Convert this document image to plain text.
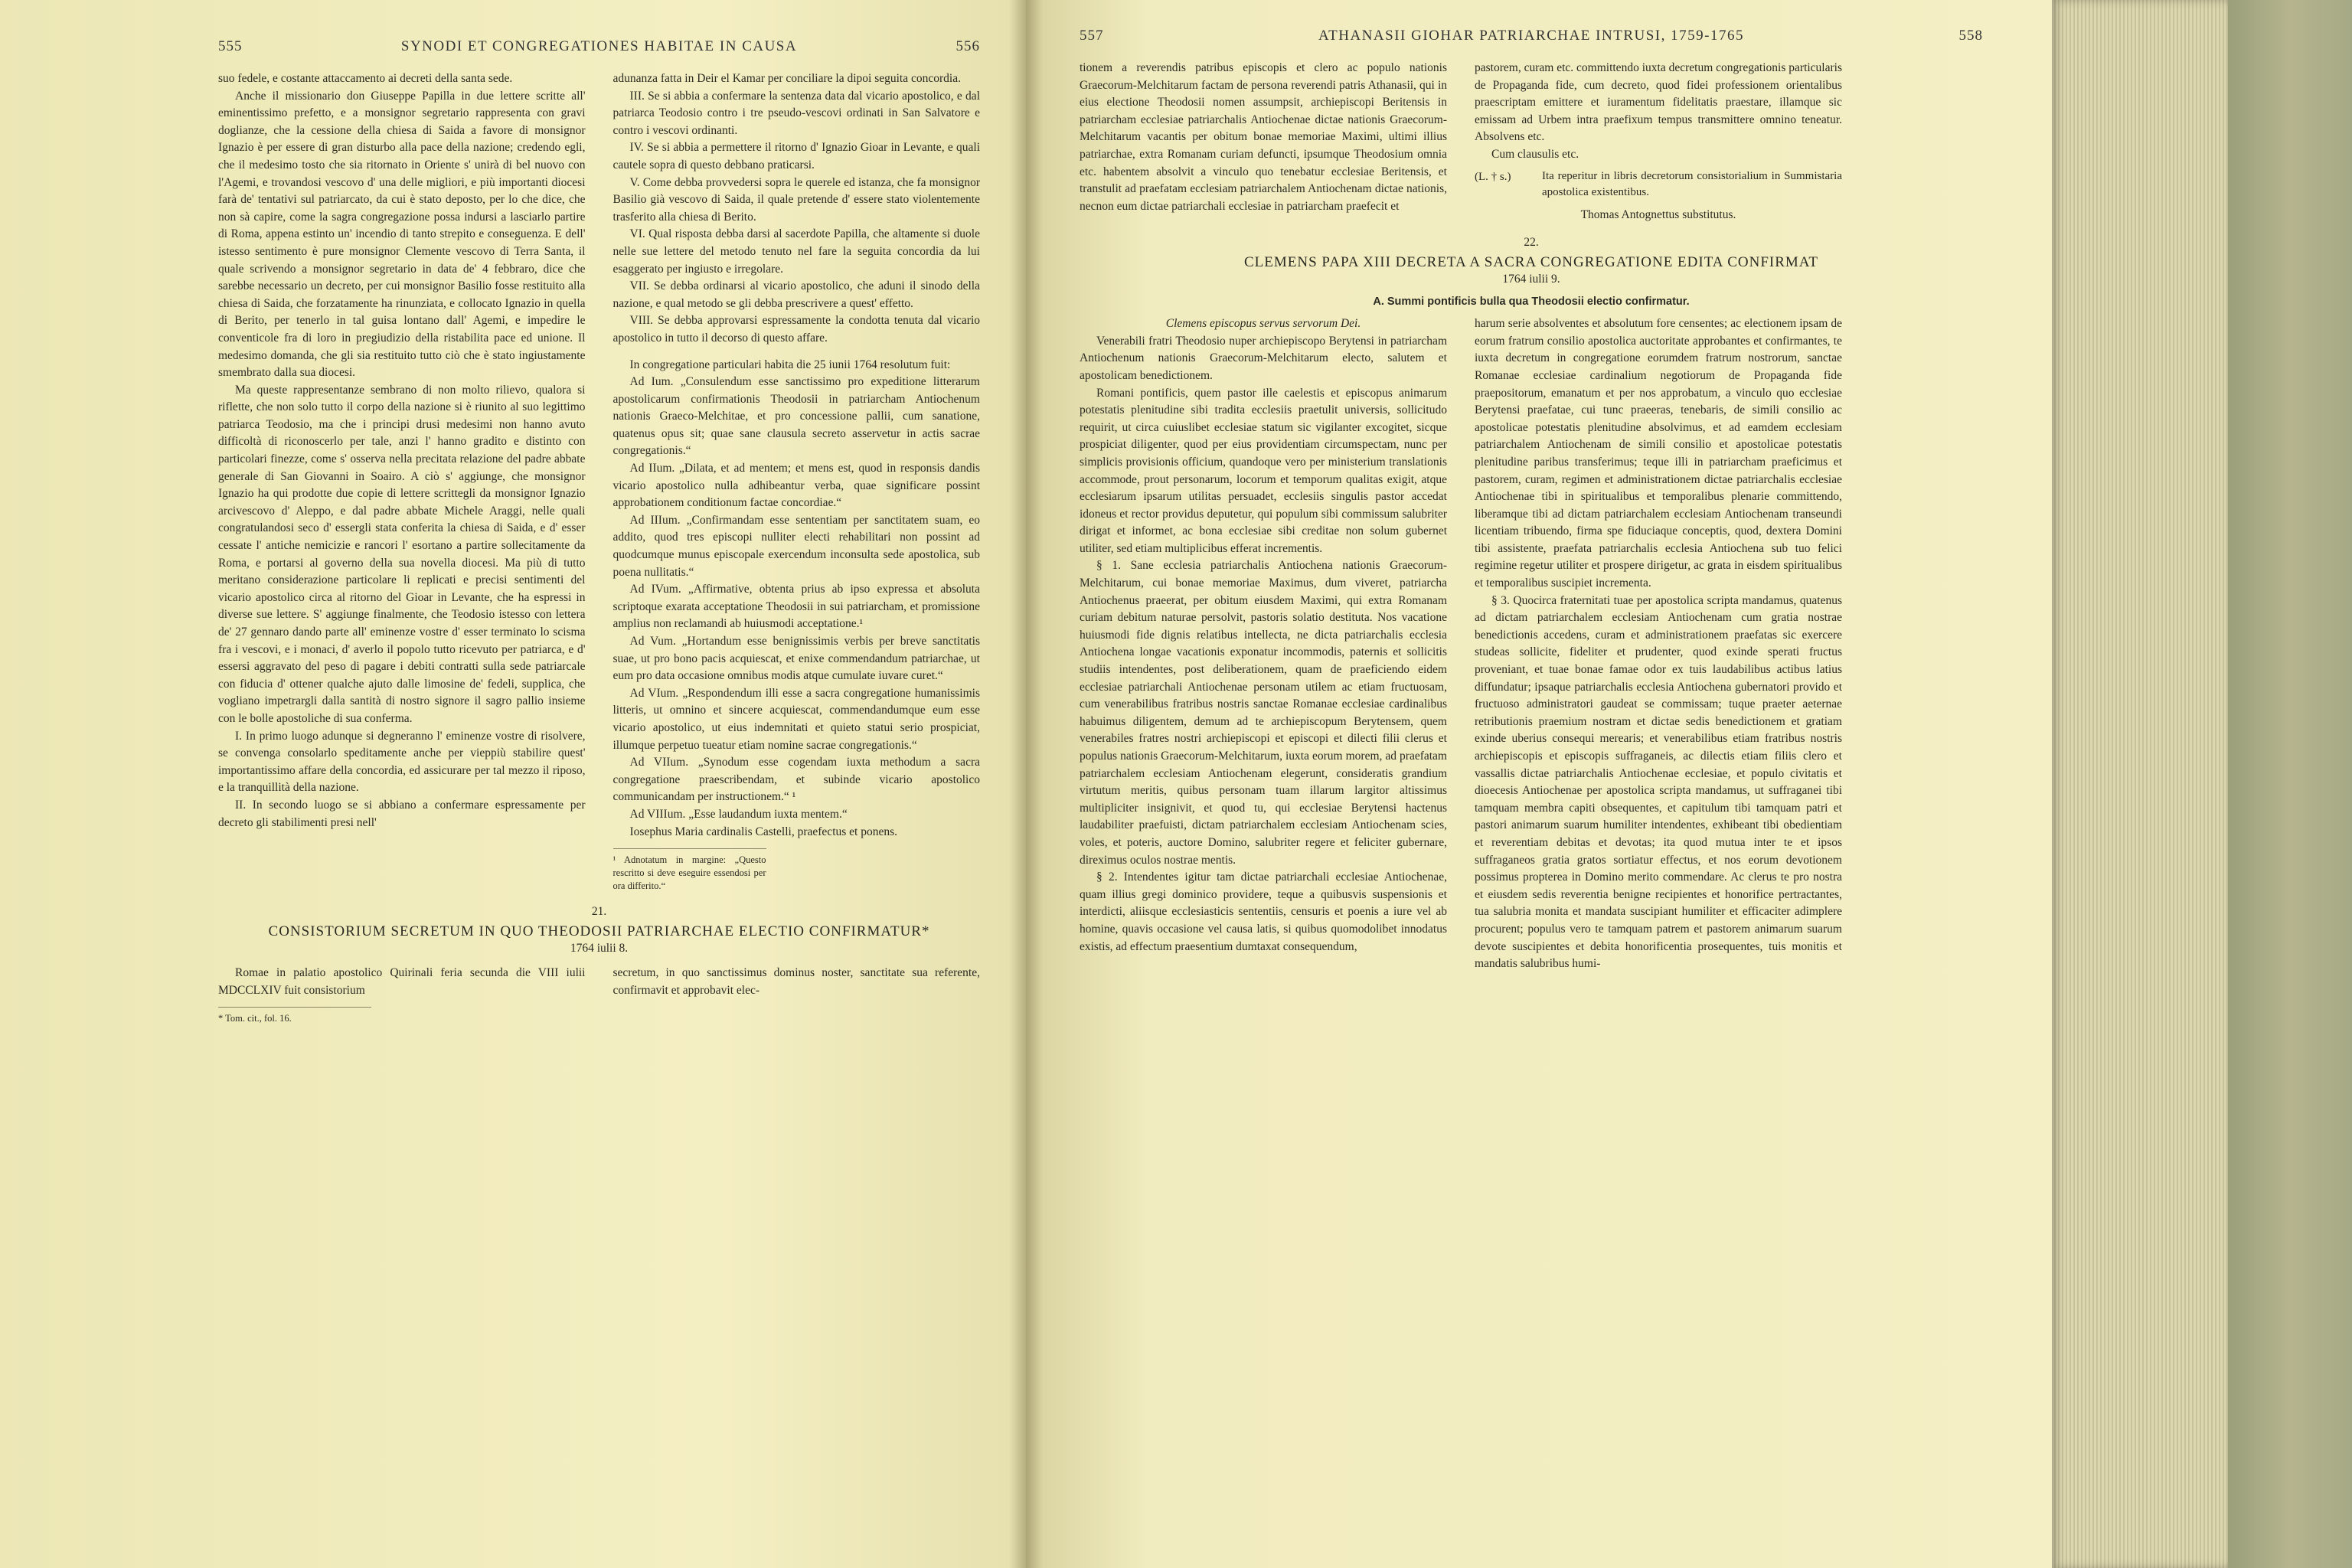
555	SYNODI ET CONGREGATIONES HABITAE IN CAUSA	556

suo fedele, e costante attaccamento ai decreti della santa sede.

Anche il missionario don Giuseppe Papilla in due lettere scritte all' eminentissimo prefetto, e a monsignor segretario rappresenta con gravi doglianze, che la cessione della chiesa di Saida a favore di monsignor Ignazio è per essere di gran disturbo alla pace della nazione; credendo egli, che il medesimo tosto che sia ritornato in Oriente s' unirà di bel nuovo con l'Agemi, e trovandosi vescovo d' una delle migliori, e più importanti diocesi farà de' tentativi sul patriarcato, da cui è stato deposto, per lo che dice, che non sà capire, come la sagra congregazione possa indursi a lasciarlo partire di Roma, appena estinto un' incendio di tanto strepito e conseguenza. E dell' istesso sentimento è pure monsignor Clemente vescovo di Terra Santa, il quale scrivendo a monsignor segretario in data de' 4 febbraro, dice che sarebbe necessario un decreto, per cui monsignor Basilio fosse restituito alla chiesa di Saida, che forzatamente ha rinunziata, e collocato Ignazio in quella di Berito, per tenerlo in tal guisa lontano dall' Agemi, e impedire le conventicole fra di loro in pregiudizio della ristabilita pace ed unione. Il medesimo domanda, che gli sia restituito tutto ciò che è stato ingiustamente smembrato dalla sua diocesi.

Ma queste rappresentanze sembrano di non molto rilievo, qualora si riflette, che non solo tutto il corpo della nazione si è riunito al suo legittimo patriarca Teodosio, ma che i principi drusi medesimi non hanno avuto difficoltà di riconoscerlo per tale, anzi l' hanno gradito e distinto con particolari finezze, come s' osserva nella precitata relazione del padre abbate generale di San Giovanni in Soairo. A ciò s' aggiunge, che monsignor Ignazio ha qui prodotte due copie di lettere scrittegli da monsignor Ignazio arcivescovo d' Aleppo, e dal padre abbate Michele Araggi, nelle quali congratulandosi seco d' essergli stata conferita la chiesa di Saida, e d' esser cessate l' antiche nemicizie e rancori l' esortano a partire sollecitamente da Roma, e portarsi al governo della sua novella diocesi. Ma più di tutto meritano considerazione particolare li replicati e precisi sentimenti del vicario apostolico circa al ritorno del Gioar in Levante, che ha espressi in diverse sue lettere. S' aggiunge finalmente, che Teodosio istesso con lettera de' 27 gennaro dando parte all' eminenze vostre d' esser terminato lo scisma fra i vescovi, e i monaci, d' averlo il popolo tutto ricevuto per patriarca, e d' essersi aggravato del peso di pagare i debiti contratti sulla sede patriarcale con fiducia d' ottener qualche ajuto dalle limosine de' fedeli, supplica, che vogliano impetrargli dalla santità di nostro signore il sagro pallio insieme con le bolle apostoliche di sua conferma.

I. In primo luogo adunque si degneranno l' eminenze vostre di risolvere, se convenga consolarlo speditamente anche per vieppiù stabilire quest' importantissimo affare della concordia, ed assicurare per tal mezzo il riposo, e la tranquillità della nazione.

II. In secondo luogo se si abbiano a confermare espressamente per decreto gli stabilimenti presi nell'

adunanza fatta in Deir el Kamar per conciliare la dipoi seguita concordia.

III. Se si abbia a confermare la sentenza data dal vicario apostolico, e dal patriarca Teodosio contro i tre pseudo-vescovi ordinati in San Salvatore e contro i vescovi ordinanti.

IV. Se si abbia a permettere il ritorno d' Ignazio Gioar in Levante, e quali cautele sopra di questo debbano praticarsi.

V. Come debba provvedersi sopra le querele ed istanza, che fa monsignor Basilio già vescovo di Saida, il quale pretende d' essere stato violentemente trasferito alla chiesa di Berito.

VI. Qual risposta debba darsi al sacerdote Papilla, che altamente si duole nelle sue lettere del metodo tenuto nel fare la seguita concordia da lui esaggerato per ingiusto e irregolare.

VII. Se debba ordinarsi al vicario apostolico, che aduni il sinodo della nazione, e qual metodo se gli debba prescrivere a quest' effetto.

VIII. Se debba approvarsi espressamente la condotta tenuta dal vicario apostolico in tutto il decorso di questo affare.

In congregatione particulari habita die 25 iunii 1764 resolutum fuit:

Ad Ium. „Consulendum esse sanctissimo pro expeditione litterarum apostolicarum confirmationis Theodosii in patriarcham Antiochenum nationis Graeco-Melchitae, et pro concessione pallii, cum sanatione, quatenus opus sit; quae sane clausula secreto asservetur in actis sacrae congregationis.“

Ad IIum. „Dilata, et ad mentem; et mens est, quod in responsis dandis vicario apostolico nulla adhibeantur verba, quae significare possint approbationem conditionum factae concordiae.“

Ad IIIum. „Confirmandam esse sententiam per sanctitatem suam, eo addito, quod tres episcopi nulliter electi rehabilitari non possint ad quodcumque munus episcopale exercendum inconsulta sede apostolica, sub poena nullitatis.“

Ad IVum. „Affirmative, obtenta prius ab ipso expressa et absoluta scriptoque exarata acceptatione Theodosii in sui patriarcham, et promissione amplius non reclamandi ab huiusmodi acceptatione.¹

Ad Vum. „Hortandum esse benignissimis verbis per breve sanctitatis suae, ut pro bono pacis acquiescat, et enixe commendandum patriarchae, ut eum pro data occasione omnibus modis atque cumulate iuvare curet.“

Ad VIum. „Respondendum illi esse a sacra congregatione humanissimis litteris, ut omnino et sincere acquiescat, commendandumque eum esse vicario apostolico, ut eius indemnitati et quieto statui serio prospiciat, illumque perpetuo tueatur etiam nomine sacrae congregationis.“

Ad VIIum. „Synodum esse cogendam iuxta methodum a sacra congregatione praescribendam, et subinde vicario apostolico communicandam per instructionem.“ ¹

Ad VIIIum. „Esse laudandum iuxta mentem.“

Iosephus Maria cardinalis Castelli, praefectus et ponens.

¹ Adnotatum in margine: „Questo rescritto si deve eseguire essendosi per ora differito.“
21.
CONSISTORIUM SECRETUM IN QUO THEODOSII PATRIARCHAE ELECTIO CONFIRMATUR*
1764 iulii 8.

Romae in palatio apostolico Quirinali feria secunda die VIII iulii MDCCLXIV fuit consistorium

* Tom. cit., fol. 16.

secretum, in quo sanctissimus dominus noster, sanctitate sua referente, confirmavit et approbavit elec-

557	ATHANASII GIOHAR PATRIARCHAE INTRUSI, 1759-1765	558

tionem a reverendis patribus episcopis et clero ac populo nationis Graecorum-Melchitarum factam de persona reverendi patris Athanasii, qui in eius electione Theodosii nomen assumpsit, archiepiscopi Beritensis in patriarcham ecclesiae patriarchalis Antiochenae dictae nationis Graecorum-Melchitarum vacantis per obitum bonae memoriae Maximi, ultimi illius patriarchae, extra Romanam curiam defuncti, ipsumque Theodosium omnia etc. habentem absolvit a vinculo quo tenebatur ecclesiae Beritensis, et transtulit ad praefatam ecclesiam patriarchalem Antiochenam dictae nationis, necnon eum dictae patriarchali ecclesiae in patriarcham praefecit et

pastorem, curam etc. committendo iuxta decretum congregationis particularis de Propaganda fide, cum decreto, quod fidei professionem orientalibus praescriptam emittere et iuramentum fidelitatis praestare, illamque sic emissam ad Urbem intra praefixum tempus transmittere omnino teneatur. Absolvens etc.

Cum clausulis etc.

(L. † s.)	Ita reperitur in libris decretorum consistorialium in Summistaria apostolica existentibus.

Thomas Antognettus substitutus.

22.
CLEMENS PAPA XIII DECRETA A SACRA CONGREGATIONE EDITA CONFIRMAT
1764 iulii 9.
A. Summi pontificis bulla qua Theodosii electio confirmatur.

Clemens episcopus servus servorum Dei.

Venerabili fratri Theodosio nuper archiepiscopo Berytensi in patriarcham Antiochenum nationis Graecorum-Melchitarum electo, salutem et apostolicam benedictionem.

Romani pontificis, quem pastor ille caelestis et episcopus animarum potestatis plenitudine sibi tradita ecclesiis praetulit universis, sollicitudo requirit, ut circa cuiuslibet ecclesiae statum sic vigilanter excogitet, sicque prospiciat diligenter, quod per eius providentiam circumspectam, nunc per simplicis provisionis officium, quandoque vero per ministerium translationis accommode, prout personarum, locorum et temporum qualitas exigit, atque ecclesiarum ipsarum utilitas persuadet, ecclesiis singulis pastor accedat idoneus et rector providus deputetur, qui populum sibi commissum salubriter dirigat et informet, ac bona ecclesiae sibi creditae non solum gubernet utiliter, sed etiam multiplicibus efferat incrementis.

§ 1. Sane ecclesia patriarchalis Antiochena nationis Graecorum-Melchitarum, cui bonae memoriae Maximus, dum viveret, patriarcha Antiochenus praeerat, per obitum eiusdem Maximi, qui extra Romanam curiam debitum naturae persolvit, pastoris solatio destituta. Nos vacatione huiusmodi fide dignis relatibus intellecta, ne dicta patriarchalis ecclesia Antiochena longae vacationis exponatur incommodis, paternis et sollicitis studiis intendentes, post deliberationem, quam de praeficiendo eidem ecclesiae patriarchali Antiochenae personam utilem ac etiam fructuosam, cum venerabilibus fratribus nostris sanctae Romanae ecclesiae cardinalibus habuimus diligentem, demum ad te archiepiscopum Berytensem, quem venerabiles fratres nostri archiepiscopi et episcopi et dilecti filii clerus et populus nationis Graecorum-Melchitarum, iuxta eorum morem, ad praefatam patriarchalem ecclesiam Antiochenam elegerunt, consideratis grandium virtutum meritis, quibus personam tuam illarum largitor altissimus multipliciter insignivit, et quod tu, qui ecclesiae Berytensi hactenus laudabiliter praefuisti, dictam patriarchalem ecclesiam Antiochenam scies, voles, et poteris, auctore Domino, salubriter regere et feliciter gubernare, direximus oculos nostrae mentis.

§ 2. Intendentes igitur tam dictae patriarchali ecclesiae Antiochenae, quam illius gregi dominico providere, teque a quibusvis suspensionis et interdicti, aliisque ecclesiasticis sententiis, censuris et poenis a iure vel ab homine, quavis occasione vel causa latis, si quibus quomodolibet innodatus existis, ad effectum praesentium dumtaxat consequendum,

harum serie absolventes et absolutum fore censentes; ac electionem ipsam de eorum fratrum consilio apostolica auctoritate approbantes et confirmantes, te iuxta decretum in congregatione eorumdem fratrum nostrorum, sanctae Romanae ecclesiae cardinalium negotiorum de Propaganda fide praepositorum, emanatum et per nos approbatum, a vinculo quo ecclesiae Berytensi praefatae, cui tunc praeeras, tenebaris, de simili consilio ac apostolicae potestatis plenitudine absolvimus, et ad eamdem ecclesiam patriarchalem Antiochenam de simili consilio et apostolicae potestatis plenitudine paribus transferimus; teque illi in patriarcham praeficimus et pastorem, curam, regimen et administrationem dictae patriarchalis ecclesiae Antiochenae tibi in spiritualibus et temporalibus plenarie committendo, liberamque tibi ad dictam patriarchalem ecclesiam Antiochenam transeundi licentiam tribuendo, firma spe fiduciaque conceptis, quod, dextera Domini tibi assistente, praefata patriarchalis ecclesia Antiochena sub tuo felici regimine regetur utiliter et prospere dirigetur, ac grata in eisdem spiritualibus et temporalibus suscipiet incrementa.

§ 3. Quocirca fraternitati tuae per apostolica scripta mandamus, quatenus ad dictam patriarchalem ecclesiam Antiochenam cum gratia nostrae benedictionis accedens, curam et administrationem praefatas sic exercere studeas sollicite, fideliter et prudenter, quod exinde sperati fructus proveniant, et tuae bonae famae odor ex tuis laudabilibus actibus latius diffundatur; ipsaque patriarchalis ecclesia Antiochena gubernatori provido et fructuoso administratori gaudeat se commissam; tuque praeter aeternae retributionis praemium nostram et dictae sedis benedictionem et gratiam exinde uberius consequi merearis; et venerabilibus etiam fratribus nostris archiepiscopis et episcopis suffraganeis, ac dilectis etiam filiis clero et vassallis dictae patriarchalis Antiochenae ecclesiae, et populo civitatis et dioecesis Antiochenae per apostolica scripta mandamus, ut suffraganei tibi tamquam membra capiti obsequentes, et capitulum tibi tamquam patri et pastori animarum suarum humiliter intendentes, exhibeant tibi obedientiam et reverentiam debitas et devotas; ita quod mutua inter te et ipsos suffraganeos gratia gratos sortiatur effectus, et nos eorum devotionem possimus propterea in Domino merito commendare. Ac clerus te pro nostra et eiusdem sedis reverentia benigne recipientes et honorifice pertractantes, tua salubria monita et mandata suscipiant humiliter et efficaciter adimplere procurent; populus vero te tamquam patrem et pastorem animarum suarum devote suscipientes et debita honorificentia prosequentes, tuis monitis et mandatis salubribus humi-
